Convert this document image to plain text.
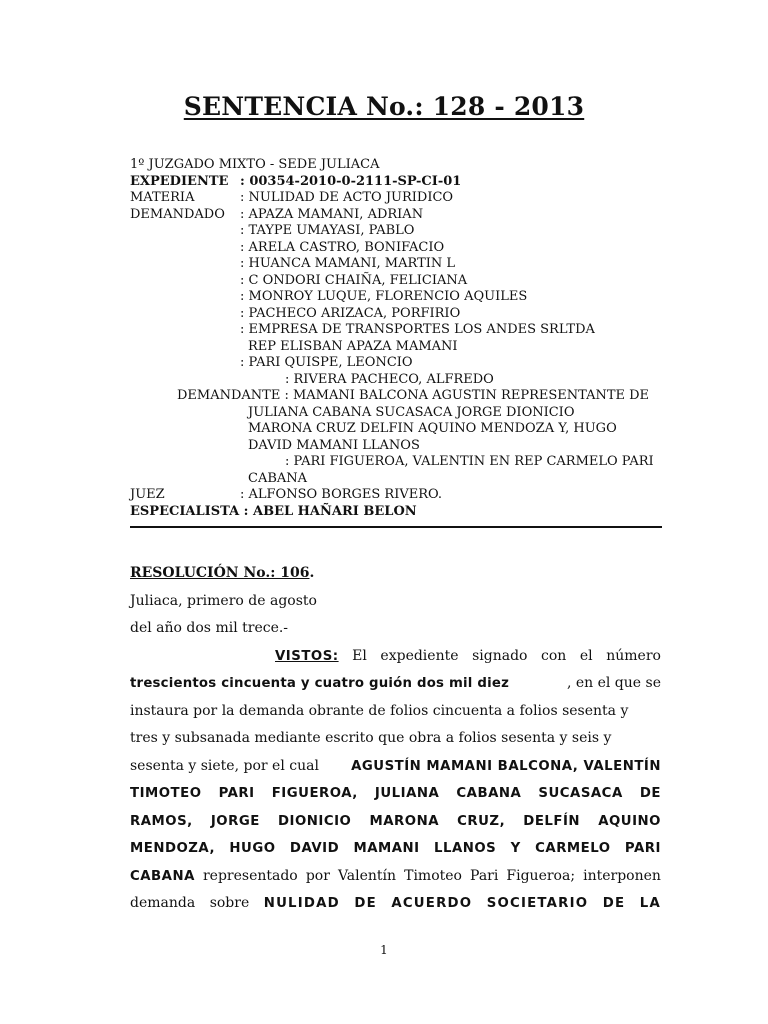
SENTENCIA No.: 128 - 2013
1º JUZGADO MIXTO - SEDE JULIACA
EXPEDIENTE : 00354-2010-0-2111-SP-CI-01
MATERIA	: NULIDAD DE ACTO JURIDICO
DEMANDADO	: APAZA MAMANI, ADRIAN
: TAYPE UMAYASI, PABLO
: ARELA CASTRO, BONIFACIO
: HUANCA MAMANI, MARTIN L
: C ONDORI CHAIÑA, FELICIANA
: MONROY LUQUE, FLORENCIO AQUILES
: PACHECO ARIZACA, PORFIRIO
: EMPRESA DE TRANSPORTES LOS ANDES SRLTDA
REP ELISBAN APAZA MAMANI
: PARI QUISPE, LEONCIO
: RIVERA PACHECO, ALFREDO
DEMANDANTE : MAMANI BALCONA AGUSTIN REPRESENTANTE DE
JULIANA CABANA SUCASACA JORGE DIONICIO
MARONA CRUZ DELFIN AQUINO MENDOZA Y, HUGO
DAVID MAMANI LLANOS
: PARI FIGUEROA, VALENTIN EN REP CARMELO PARI
CABANA
JUEZ	: ALFONSO BORGES RIVERO.
ESPECIALISTA : ABEL HAÑARI BELON
RESOLUCIÓN No.: 106.
Juliaca, primero de agosto
del año dos mil trece.-
VISTOS: El expediente signado con el número
trescientos cincuenta y cuatro guión dos mil diez	, en el que se
instaura por la demanda obrante de folios cincuenta a folios sesenta y
tres y subsanada mediante escrito que obra a folios sesenta y seis y
sesenta y siete, por el cual AGUSTÍN MAMANI BALCONA, VALENTÍN
TIMOTEO PARI FIGUEROA, JULIANA CABANA SUCASACA DE
RAMOS, JORGE DIONICIO MARONA CRUZ, DELFÍN AQUINO
MENDOZA, HUGO DAVID MAMANI LLANOS Y CARMELO PARI
CABANA representado por Valentín Timoteo Pari Figueroa; interponen
demanda sobre NULIDAD DE ACUERDO SOCIETARIO DE LA
1
